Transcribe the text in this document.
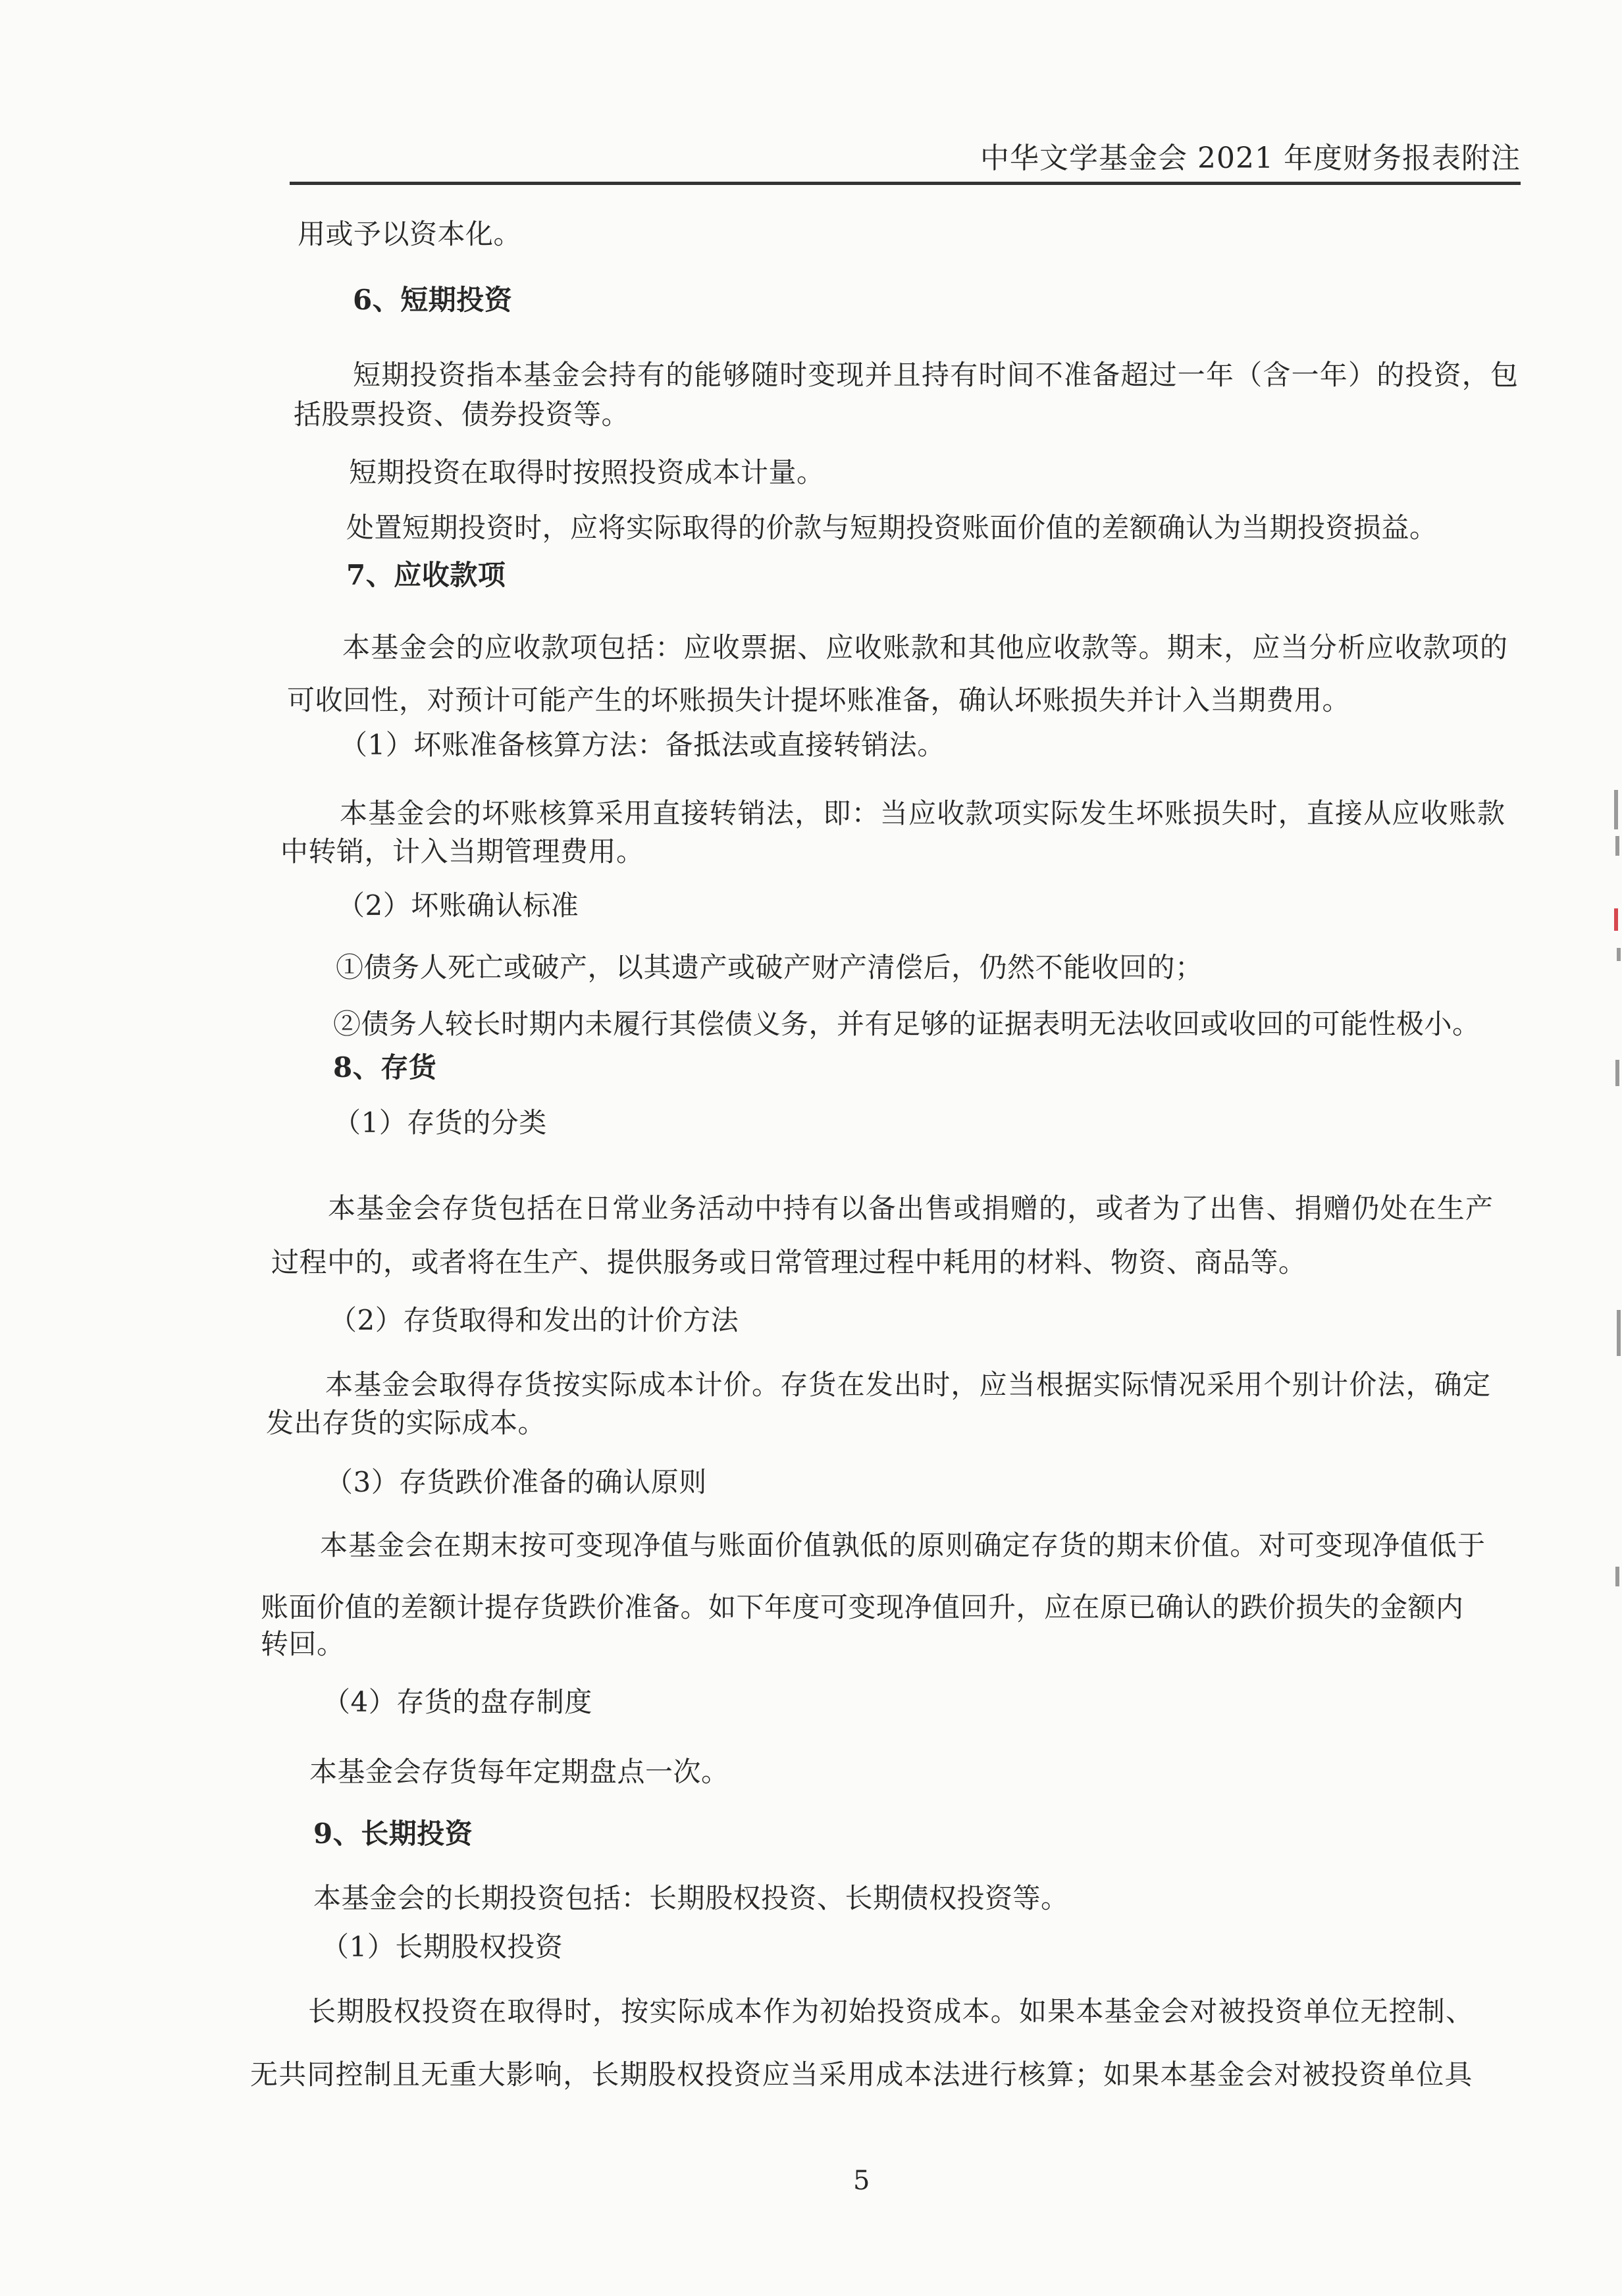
中华文学基金会 2021 年度财务报表附注
用或予以资本化。
6、短期投资
短期投资指本基金会持有的能够随时变现并且持有时间不准备超过一年（含一年）的投资，包
括股票投资、债券投资等。
短期投资在取得时按照投资成本计量。
处置短期投资时，应将实际取得的价款与短期投资账面价值的差额确认为当期投资损益。
7、应收款项
本基金会的应收款项包括：应收票据、应收账款和其他应收款等。期末，应当分析应收款项的
可收回性，对预计可能产生的坏账损失计提坏账准备，确认坏账损失并计入当期费用。
（1）坏账准备核算方法：备抵法或直接转销法。
本基金会的坏账核算采用直接转销法，即：当应收款项实际发生坏账损失时，直接从应收账款
中转销，计入当期管理费用。
（2）坏账确认标准
①债务人死亡或破产，以其遗产或破产财产清偿后，仍然不能收回的；
②债务人较长时期内未履行其偿债义务，并有足够的证据表明无法收回或收回的可能性极小。
8、存货
（1）存货的分类
本基金会存货包括在日常业务活动中持有以备出售或捐赠的，或者为了出售、捐赠仍处在生产
过程中的，或者将在生产、提供服务或日常管理过程中耗用的材料、物资、商品等。
（2）存货取得和发出的计价方法
本基金会取得存货按实际成本计价。存货在发出时，应当根据实际情况采用个别计价法，确定
发出存货的实际成本。
（3）存货跌价准备的确认原则
本基金会在期末按可变现净值与账面价值孰低的原则确定存货的期末价值。对可变现净值低于
账面价值的差额计提存货跌价准备。如下年度可变现净值回升，应在原已确认的跌价损失的金额内
转回。
（4）存货的盘存制度
本基金会存货每年定期盘点一次。
9、长期投资
本基金会的长期投资包括：长期股权投资、长期债权投资等。
（1）长期股权投资
长期股权投资在取得时，按实际成本作为初始投资成本。如果本基金会对被投资单位无控制、
无共同控制且无重大影响，长期股权投资应当采用成本法进行核算；如果本基金会对被投资单位具
5
